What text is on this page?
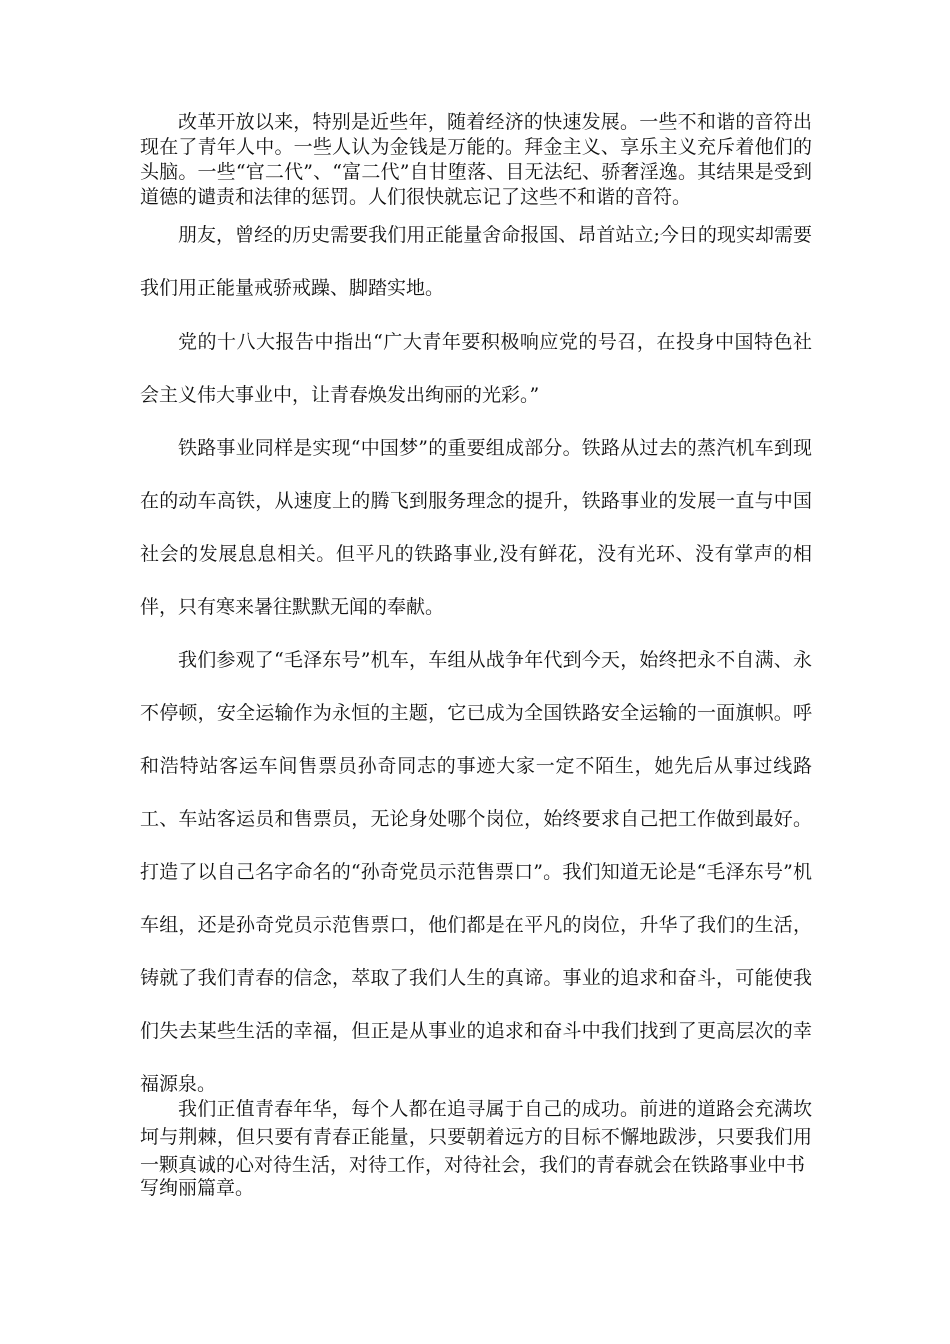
改革开放以来，特别是近些年，随着经济的快速发展。一些不和谐的音符出现在了青年人中。一些人认为金钱是万能的。拜金主义、享乐主义充斥着他们的头脑。一些“官二代”、“富二代”自甘堕落、目无法纪、骄奢淫逸。其结果是受到道德的谴责和法律的惩罚。人们很快就忘记了这些不和谐的音符。

朋友，曾经的历史需要我们用正能量舍命报国、昂首站立;今日的现实却需要我们用正能量戒骄戒躁、脚踏实地。

党的十八大报告中指出“广大青年要积极响应党的号召，在投身中国特色社会主义伟大事业中，让青春焕发出绚丽的光彩。”

铁路事业同样是实现“中国梦”的重要组成部分。铁路从过去的蒸汽机车到现在的动车高铁，从速度上的腾飞到服务理念的提升，铁路事业的发展一直与中国社会的发展息息相关。但平凡的铁路事业,没有鲜花，没有光环、没有掌声的相伴，只有寒来暑往默默无闻的奉献。

我们参观了“毛泽东号”机车，车组从战争年代到今天，始终把永不自满、永不停顿，安全运输作为永恒的主题，它已成为全国铁路安全运输的一面旗帜。呼和浩特站客运车间售票员孙奇同志的事迹大家一定不陌生，她先后从事过线路工、车站客运员和售票员，无论身处哪个岗位，始终要求自己把工作做到最好。打造了以自己名字命名的“孙奇党员示范售票口”。我们知道无论是“毛泽东号”机车组，还是孙奇党员示范售票口，他们都是在平凡的岗位，升华了我们的生活，铸就了我们青春的信念，萃取了我们人生的真谛。事业的追求和奋斗，可能使我们失去某些生活的幸福，但正是从事业的追求和奋斗中我们找到了更高层次的幸福源泉。

我们正值青春年华，每个人都在追寻属于自己的成功。前进的道路会充满坎坷与荆棘，但只要有青春正能量，只要朝着远方的目标不懈地跋涉，只要我们用一颗真诚的心对待生活，对待工作，对待社会，我们的青春就会在铁路事业中书

写绚丽篇章。
